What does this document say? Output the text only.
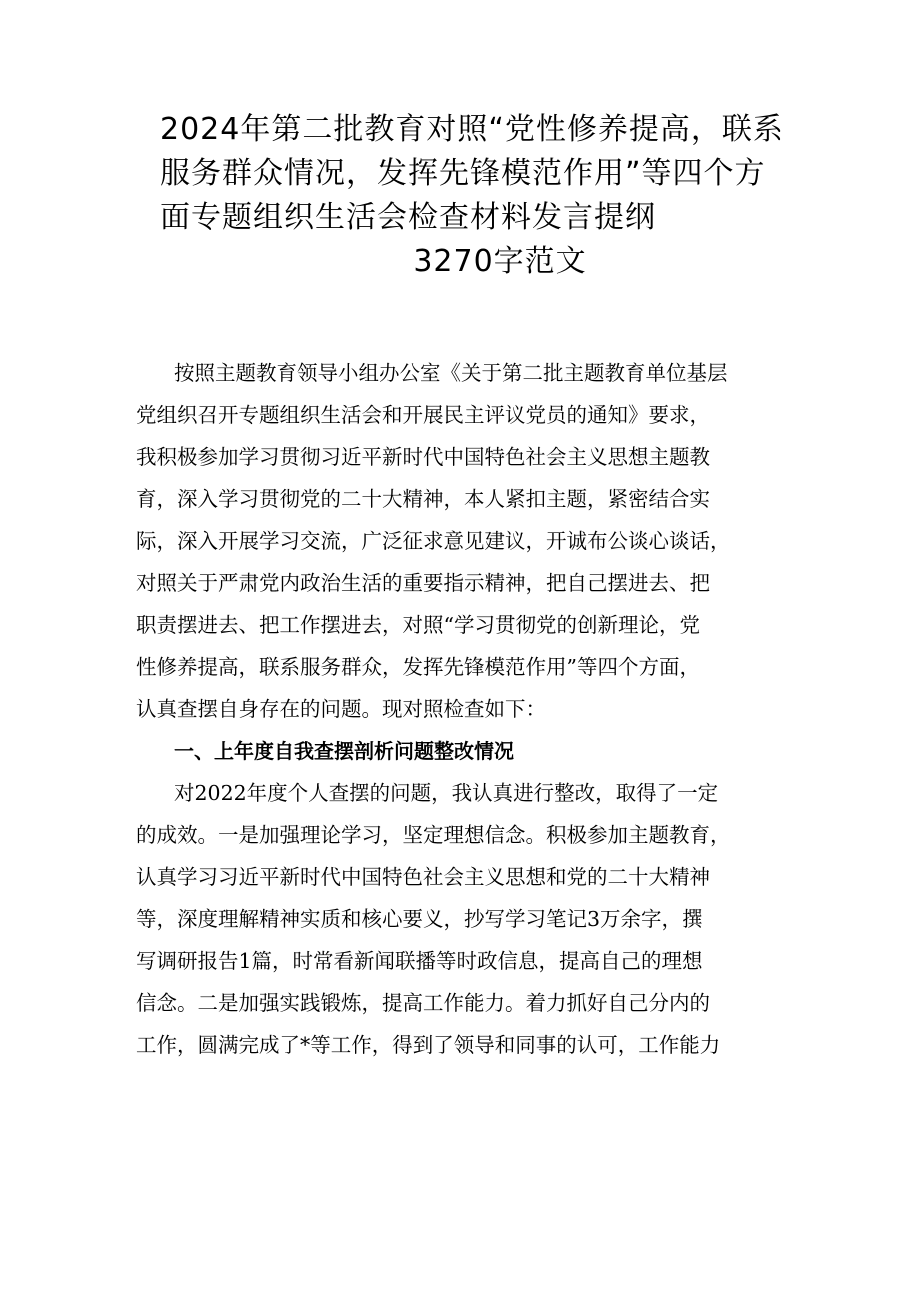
2024年第二批教育对照“党性修养提高，联系
服务群众情况，发挥先锋模范作用”等四个方
面专题组织生活会检查材料发言提纲
3270字范文
按照主题教育领导小组办公室《关于第二批主题教育单位基层
党组织召开专题组织生活会和开展民主评议党员的通知》要求，
我积极参加学习贯彻习近平新时代中国特色社会主义思想主题教
育，深入学习贯彻党的二十大精神，本人紧扣主题，紧密结合实
际，深入开展学习交流，广泛征求意见建议，开诚布公谈心谈话，
对照关于严肃党内政治生活的重要指示精神，把自己摆进去、把
职责摆进去、把工作摆进去，对照“学习贯彻党的创新理论，党
性修养提高，联系服务群众，发挥先锋模范作用”等四个方面，
认真查摆自身存在的问题。现对照检查如下：
一、上年度自我查摆剖析问题整改情况
对2022年度个人查摆的问题，我认真进行整改，取得了一定
的成效。一是加强理论学习，坚定理想信念。积极参加主题教育，
认真学习习近平新时代中国特色社会主义思想和党的二十大精神
等，深度理解精神实质和核心要义，抄写学习笔记3万余字，撰
写调研报告1篇，时常看新闻联播等时政信息，提高自己的理想
信念。二是加强实践锻炼，提高工作能力。着力抓好自己分内的
工作，圆满完成了*等工作，得到了领导和同事的认可，工作能力
